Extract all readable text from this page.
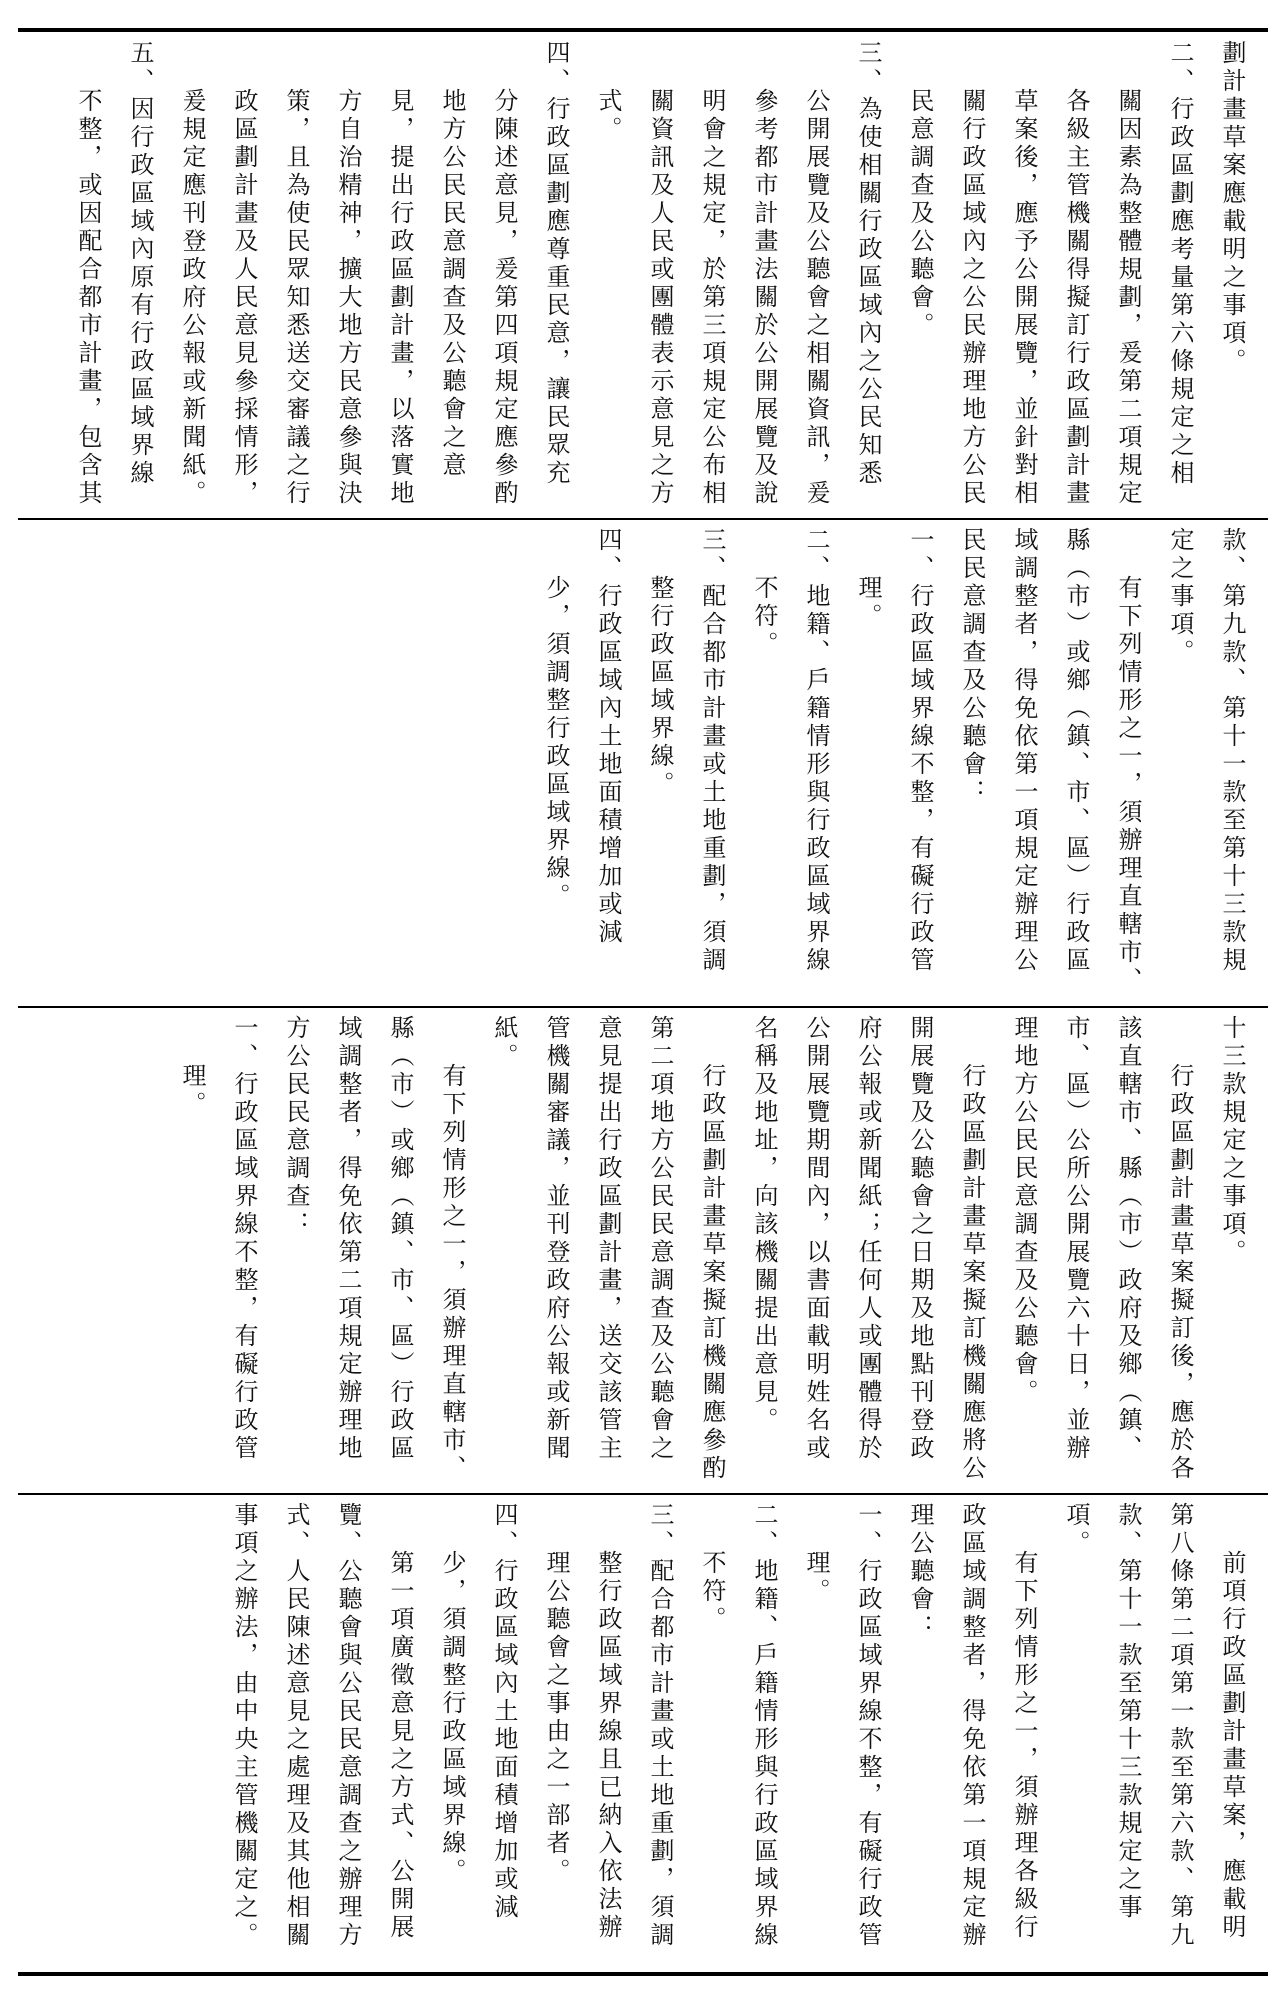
劃計畫草案應載明之事項。

二、行政區劃應考量第六條規定之相關因素為整體規劃，爰第二項規定各級主管機關得擬訂行政區劃計畫草案後，應予公開展覽，並針對相關行政區域內之公民辦理地方公民民意調查及公聽會。

三、為使相關行政區域內之公民知悉公開展覽及公聽會之相關資訊，爰參考都市計畫法關於公開展覽及說明會之規定，於第三項規定公布相關資訊及人民或團體表示意見之方式。

四、行政區劃應尊重民意，讓民眾充分陳述意見，爰第四項規定應參酌地方公民民意調查及公聽會之意見，提出行政區劃計畫，以落實地方自治精神，擴大地方民意參與決策，且為使民眾知悉送交審議之行政區劃計畫及人民意見參採情形，爰規定應刊登政府公報或新聞紙。

五、因行政區域內原有行政區域界線不整，或因配合都市計畫，包含其

款、第九款、第十一款至第十三款規定之事項。

有下列情形之一，須辦理直轄市、縣（市）或鄉（鎮、市、區）行政區域調整者，得免依第一項規定辦理公民民意調查及公聽會：

一、行政區域界線不整，有礙行政管理。

二、地籍、戶籍情形與行政區域界線不符。

三、配合都市計畫或土地重劃，須調整行政區域界線。

四、行政區域內土地面積增加或減少，須調整行政區域界線。

十三款規定之事項。

行政區劃計畫草案擬訂後，應於各該直轄市、縣（市）政府及鄉（鎮、市、區）公所公開展覽六十日，並辦理地方公民民意調查及公聽會。

行政區劃計畫草案擬訂機關應將公開展覽及公聽會之日期及地點刊登政府公報或新聞紙；任何人或團體得於公開展覽期間內，以書面載明姓名或名稱及地址，向該機關提出意見。

行政區劃計畫草案擬訂機關應參酌第二項地方公民民意調查及公聽會之意見提出行政區劃計畫，送交該管主管機關審議，並刊登政府公報或新聞紙。

有下列情形之一，須辦理直轄市、縣（市）或鄉（鎮、市、區）行政區域調整者，得免依第二項規定辦理地方公民民意調查：

一、行政區域界線不整，有礙行政管理。

前項行政區劃計畫草案，應載明第八條第二項第一款至第六款、第九款、第十一款至第十三款規定之事項。

有下列情形之一，須辦理各級行政區域調整者，得免依第一項規定辦理公聽會：

一、行政區域界線不整，有礙行政管理。

二、地籍、戶籍情形與行政區域界線不符。

三、配合都市計畫或土地重劃，須調整行政區域界線且已納入依法辦理公聽會之事由之一部者。

四、行政區域內土地面積增加或減少，須調整行政區域界線。

第一項廣徵意見之方式、公開展覽、公聽會與公民民意調查之辦理方式、人民陳述意見之處理及其他相關事項之辦法，由中央主管機關定之。
